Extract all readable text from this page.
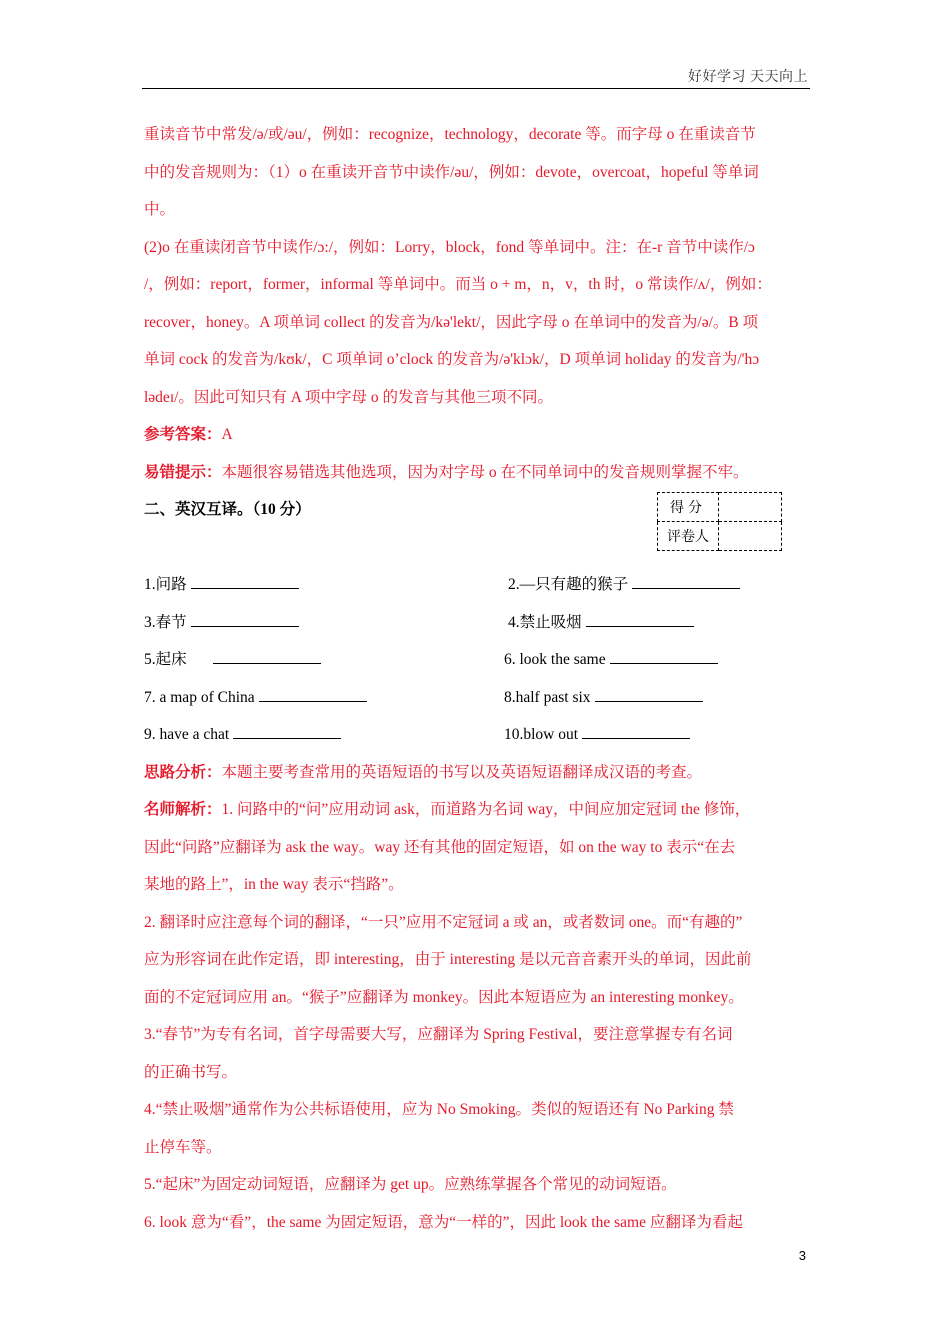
好好学习 天天向上

重读音节中常发/ə/或/əu/，例如：recognize，technology，decorate 等。而字母 o 在重读音节

中的发音规则为：（1）o 在重读开音节中读作/əu/，例如：devote，overcoat，hopeful 等单词

中。

(2)o 在重读闭音节中读作/ɔ:/，例如：Lorry，block，fond 等单词中。注：在-r 音节中读作/ɔ

/，例如：report，former，informal 等单词中。而当 o + m，n，v，th 时，o 常读作/ʌ/，例如：

recover，honey。A 项单词 collect 的发音为/kə'lekt/，因此字母 o 在单词中的发音为/ə/。B 项

单词 cock 的发音为/kʊk/，C 项单词 o’clock 的发音为/ə'klɔk/，D 项单词 holiday 的发音为/'hɔ

lədeɪ/。因此可知只有 A 项中字母 o 的发音与其他三项不同。

参考答案：A

易错提示：本题很容易错选其他选项，因为对字母 o 在不同单词中的发音规则掌握不牢。

二、英汉互译。（10 分）

1.问路	2.—只有趣的猴子
3.春节	4.禁止吸烟
5.起床	6. look the same
7. a map of China	8.half past six
9. have a chat	10.blow out

思路分析：本题主要考查常用的英语短语的书写以及英语短语翻译成汉语的考查。

名师解析：1. 问路中的“问”应用动词 ask，而道路为名词 way，中间应加定冠词 the 修饰，

因此“问路”应翻译为 ask the way。way 还有其他的固定短语，如 on the way to 表示“在去

某地的路上”，in the way 表示“挡路”。

2. 翻译时应注意每个词的翻译，“一只”应用不定冠词 a 或 an，或者数词 one。而“有趣的”

应为形容词在此作定语，即 interesting，由于 interesting 是以元音音素开头的单词，因此前

面的不定冠词应用 an。“猴子”应翻译为 monkey。因此本短语应为 an interesting monkey。

3.“春节”为专有名词，首字母需要大写，应翻译为 Spring Festival，要注意掌握专有名词

的正确书写。

4.“禁止吸烟”通常作为公共标语使用，应为 No Smoking。类似的短语还有 No Parking 禁

止停车等。

5.“起床”为固定动词短语，应翻译为 get up。应熟练掌握各个常见的动词短语。

6. look 意为“看”，the same 为固定短语，意为“一样的”，因此 look the same 应翻译为看起

得分	
评卷人	
3
